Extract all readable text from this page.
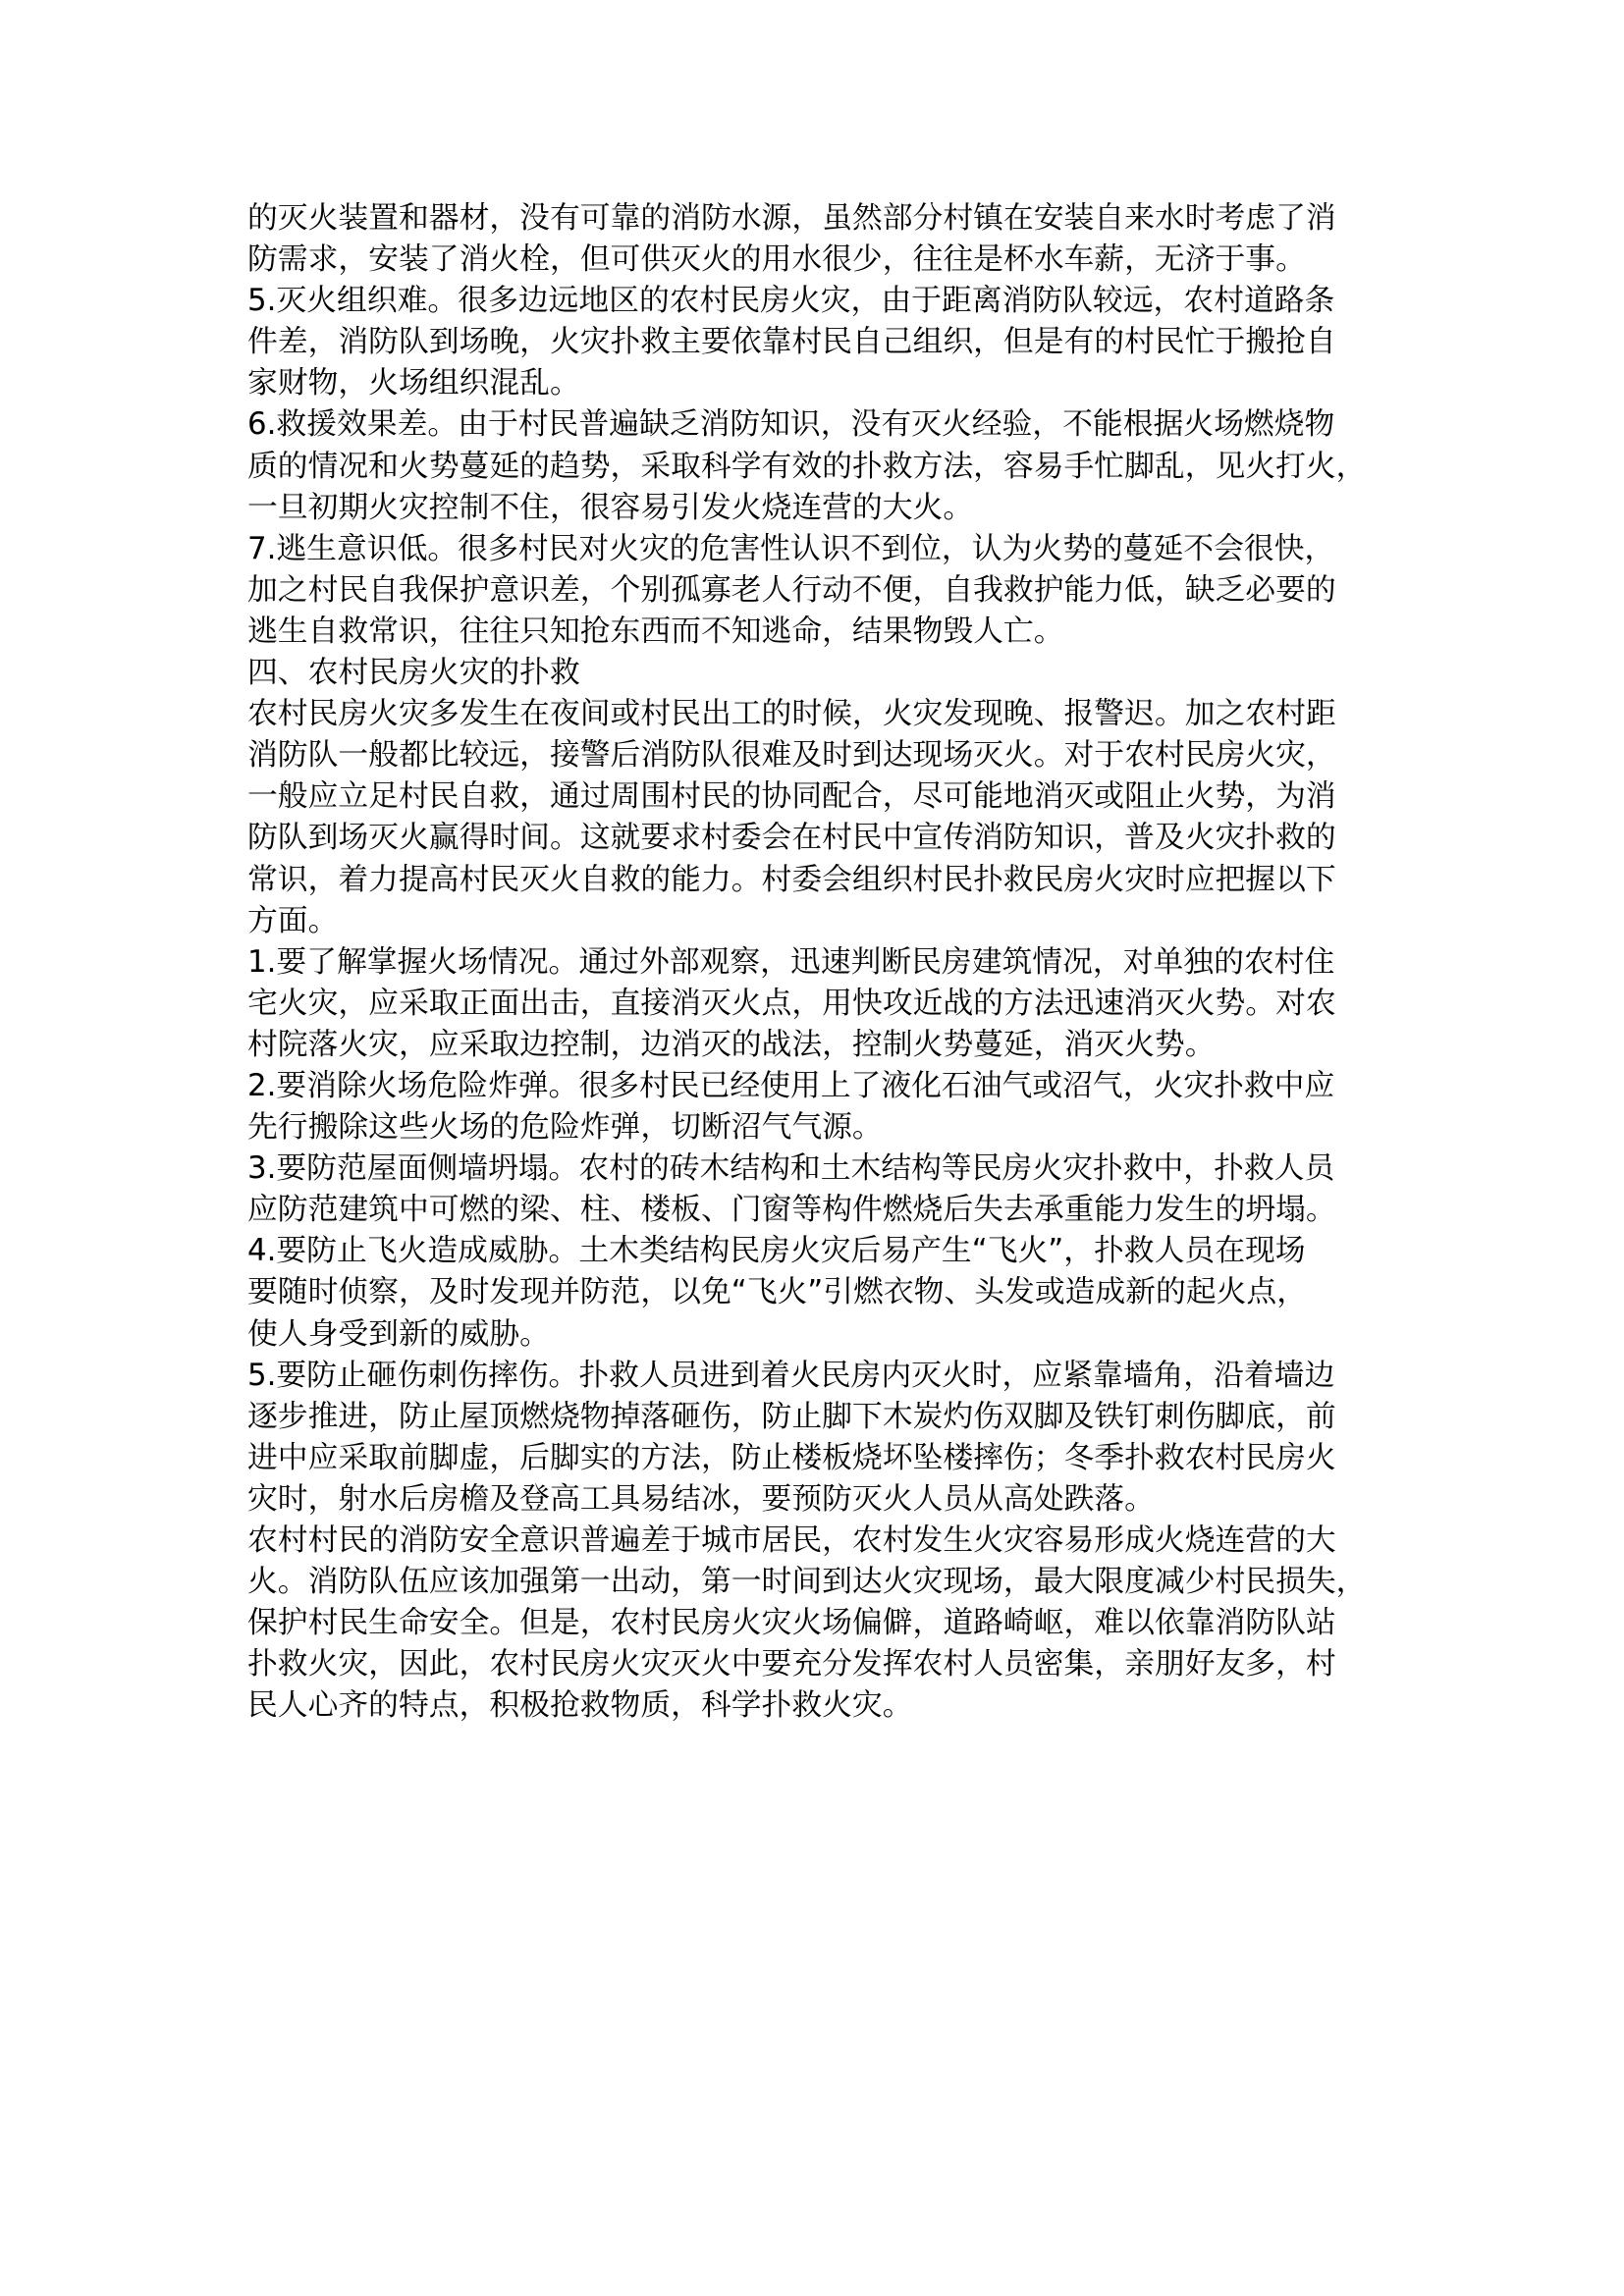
的灭火装置和器材，没有可靠的消防水源，虽然部分村镇在安装自来水时考虑了消
防需求，安装了消火栓，但可供灭火的用水很少，往往是杯水车薪，无济于事。
5.灭火组织难。很多边远地区的农村民房火灾，由于距离消防队较远，农村道路条
件差，消防队到场晚，火灾扑救主要依靠村民自己组织，但是有的村民忙于搬抢自
家财物，火场组织混乱。
6.救援效果差。由于村民普遍缺乏消防知识，没有灭火经验，不能根据火场燃烧物
质的情况和火势蔓延的趋势，采取科学有效的扑救方法，容易手忙脚乱，见火打火，
一旦初期火灾控制不住，很容易引发火烧连营的大火。
7.逃生意识低。很多村民对火灾的危害性认识不到位，认为火势的蔓延不会很快，
加之村民自我保护意识差，个别孤寡老人行动不便，自我救护能力低，缺乏必要的
逃生自救常识，往往只知抢东西而不知逃命，结果物毁人亡。
四、农村民房火灾的扑救
农村民房火灾多发生在夜间或村民出工的时候，火灾发现晚、报警迟。加之农村距
消防队一般都比较远，接警后消防队很难及时到达现场灭火。对于农村民房火灾，
一般应立足村民自救，通过周围村民的协同配合，尽可能地消灭或阻止火势，为消
防队到场灭火赢得时间。这就要求村委会在村民中宣传消防知识，普及火灾扑救的
常识，着力提高村民灭火自救的能力。村委会组织村民扑救民房火灾时应把握以下
方面。
1.要了解掌握火场情况。通过外部观察，迅速判断民房建筑情况，对单独的农村住
宅火灾，应采取正面出击，直接消灭火点，用快攻近战的方法迅速消灭火势。对农
村院落火灾，应采取边控制，边消灭的战法，控制火势蔓延，消灭火势。
2.要消除火场危险炸弹。很多村民已经使用上了液化石油气或沼气，火灾扑救中应
先行搬除这些火场的危险炸弹，切断沼气气源。
3.要防范屋面侧墙坍塌。农村的砖木结构和土木结构等民房火灾扑救中，扑救人员
应防范建筑中可燃的梁、柱、楼板、门窗等构件燃烧后失去承重能力发生的坍塌。
4.要防止飞火造成威胁。土木类结构民房火灾后易产生“飞火”，扑救人员在现场
要随时侦察，及时发现并防范，以免“飞火”引燃衣物、头发或造成新的起火点，
使人身受到新的威胁。
5.要防止砸伤刺伤摔伤。扑救人员进到着火民房内灭火时，应紧靠墙角，沿着墙边
逐步推进，防止屋顶燃烧物掉落砸伤，防止脚下木炭灼伤双脚及铁钉刺伤脚底，前
进中应采取前脚虚，后脚实的方法，防止楼板烧坏坠楼摔伤；冬季扑救农村民房火
灾时，射水后房檐及登高工具易结冰，要预防灭火人员从高处跌落。
农村村民的消防安全意识普遍差于城市居民，农村发生火灾容易形成火烧连营的大
火。消防队伍应该加强第一出动，第一时间到达火灾现场，最大限度减少村民损失，
保护村民生命安全。但是，农村民房火灾火场偏僻，道路崎岖，难以依靠消防队站
扑救火灾，因此，农村民房火灾灭火中要充分发挥农村人员密集，亲朋好友多，村
民人心齐的特点，积极抢救物质，科学扑救火灾。
